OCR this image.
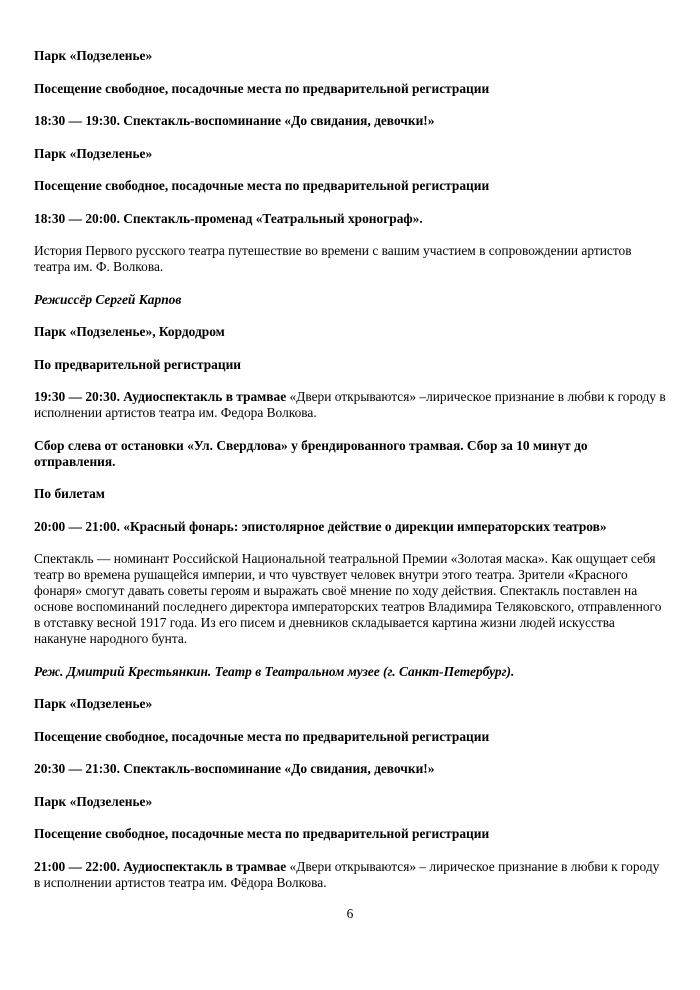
Парк «Подзеленье»

Посещение свободное, посадочные места по предварительной регистрации

18:30 — 19:30. Спектакль-воспоминание «До свидания, девочки!»

Парк «Подзеленье»

Посещение свободное, посадочные места по предварительной регистрации

18:30 — 20:00. Спектакль-променад «Театральный хронограф».

История Первого русского театра путешествие во времени с вашим участием в сопровождении артистов театра им. Ф. Волкова.

Режиссёр Сергей Карпов

Парк «Подзеленье», Кордодром

По предварительной регистрации

19:30 — 20:30. Аудиоспектакль в трамвае «Двери открываются» –лирическое признание в любви к городу в исполнении артистов театра им. Федора Волкова.

Сбор слева от остановки «Ул. Свердлова» у брендированного трамвая. Сбор за 10 минут до отправления.

По билетам

20:00 — 21:00. «Красный фонарь: эпистолярное действие о дирекции императорских театров»

Спектакль — номинант Российской Национальной театральной Премии «Золотая маска». Как ощущает себя театр во времена рушащейся империи, и что чувствует человек внутри этого театра. Зрители «Красного фонаря» смогут давать советы героям и выражать своё мнение по ходу действия. Спектакль поставлен на основе воспоминаний последнего директора императорских театров Владимира Теляковского, отправленного в отставку весной 1917 года. Из его писем и дневников складывается картина жизни людей искусства накануне народного бунта.

Реж. Дмитрий Крестьянкин. Театр в Театральном музее (г. Санкт-Петербург).

Парк «Подзеленье»

Посещение свободное, посадочные места по предварительной регистрации

20:30 — 21:30. Спектакль-воспоминание «До свидания, девочки!»

Парк «Подзеленье»

Посещение свободное, посадочные места по предварительной регистрации

21:00 — 22:00. Аудиоспектакль в трамвае «Двери открываются» – лирическое признание в любви к городу в исполнении артистов театра им. Фёдора Волкова.

6
